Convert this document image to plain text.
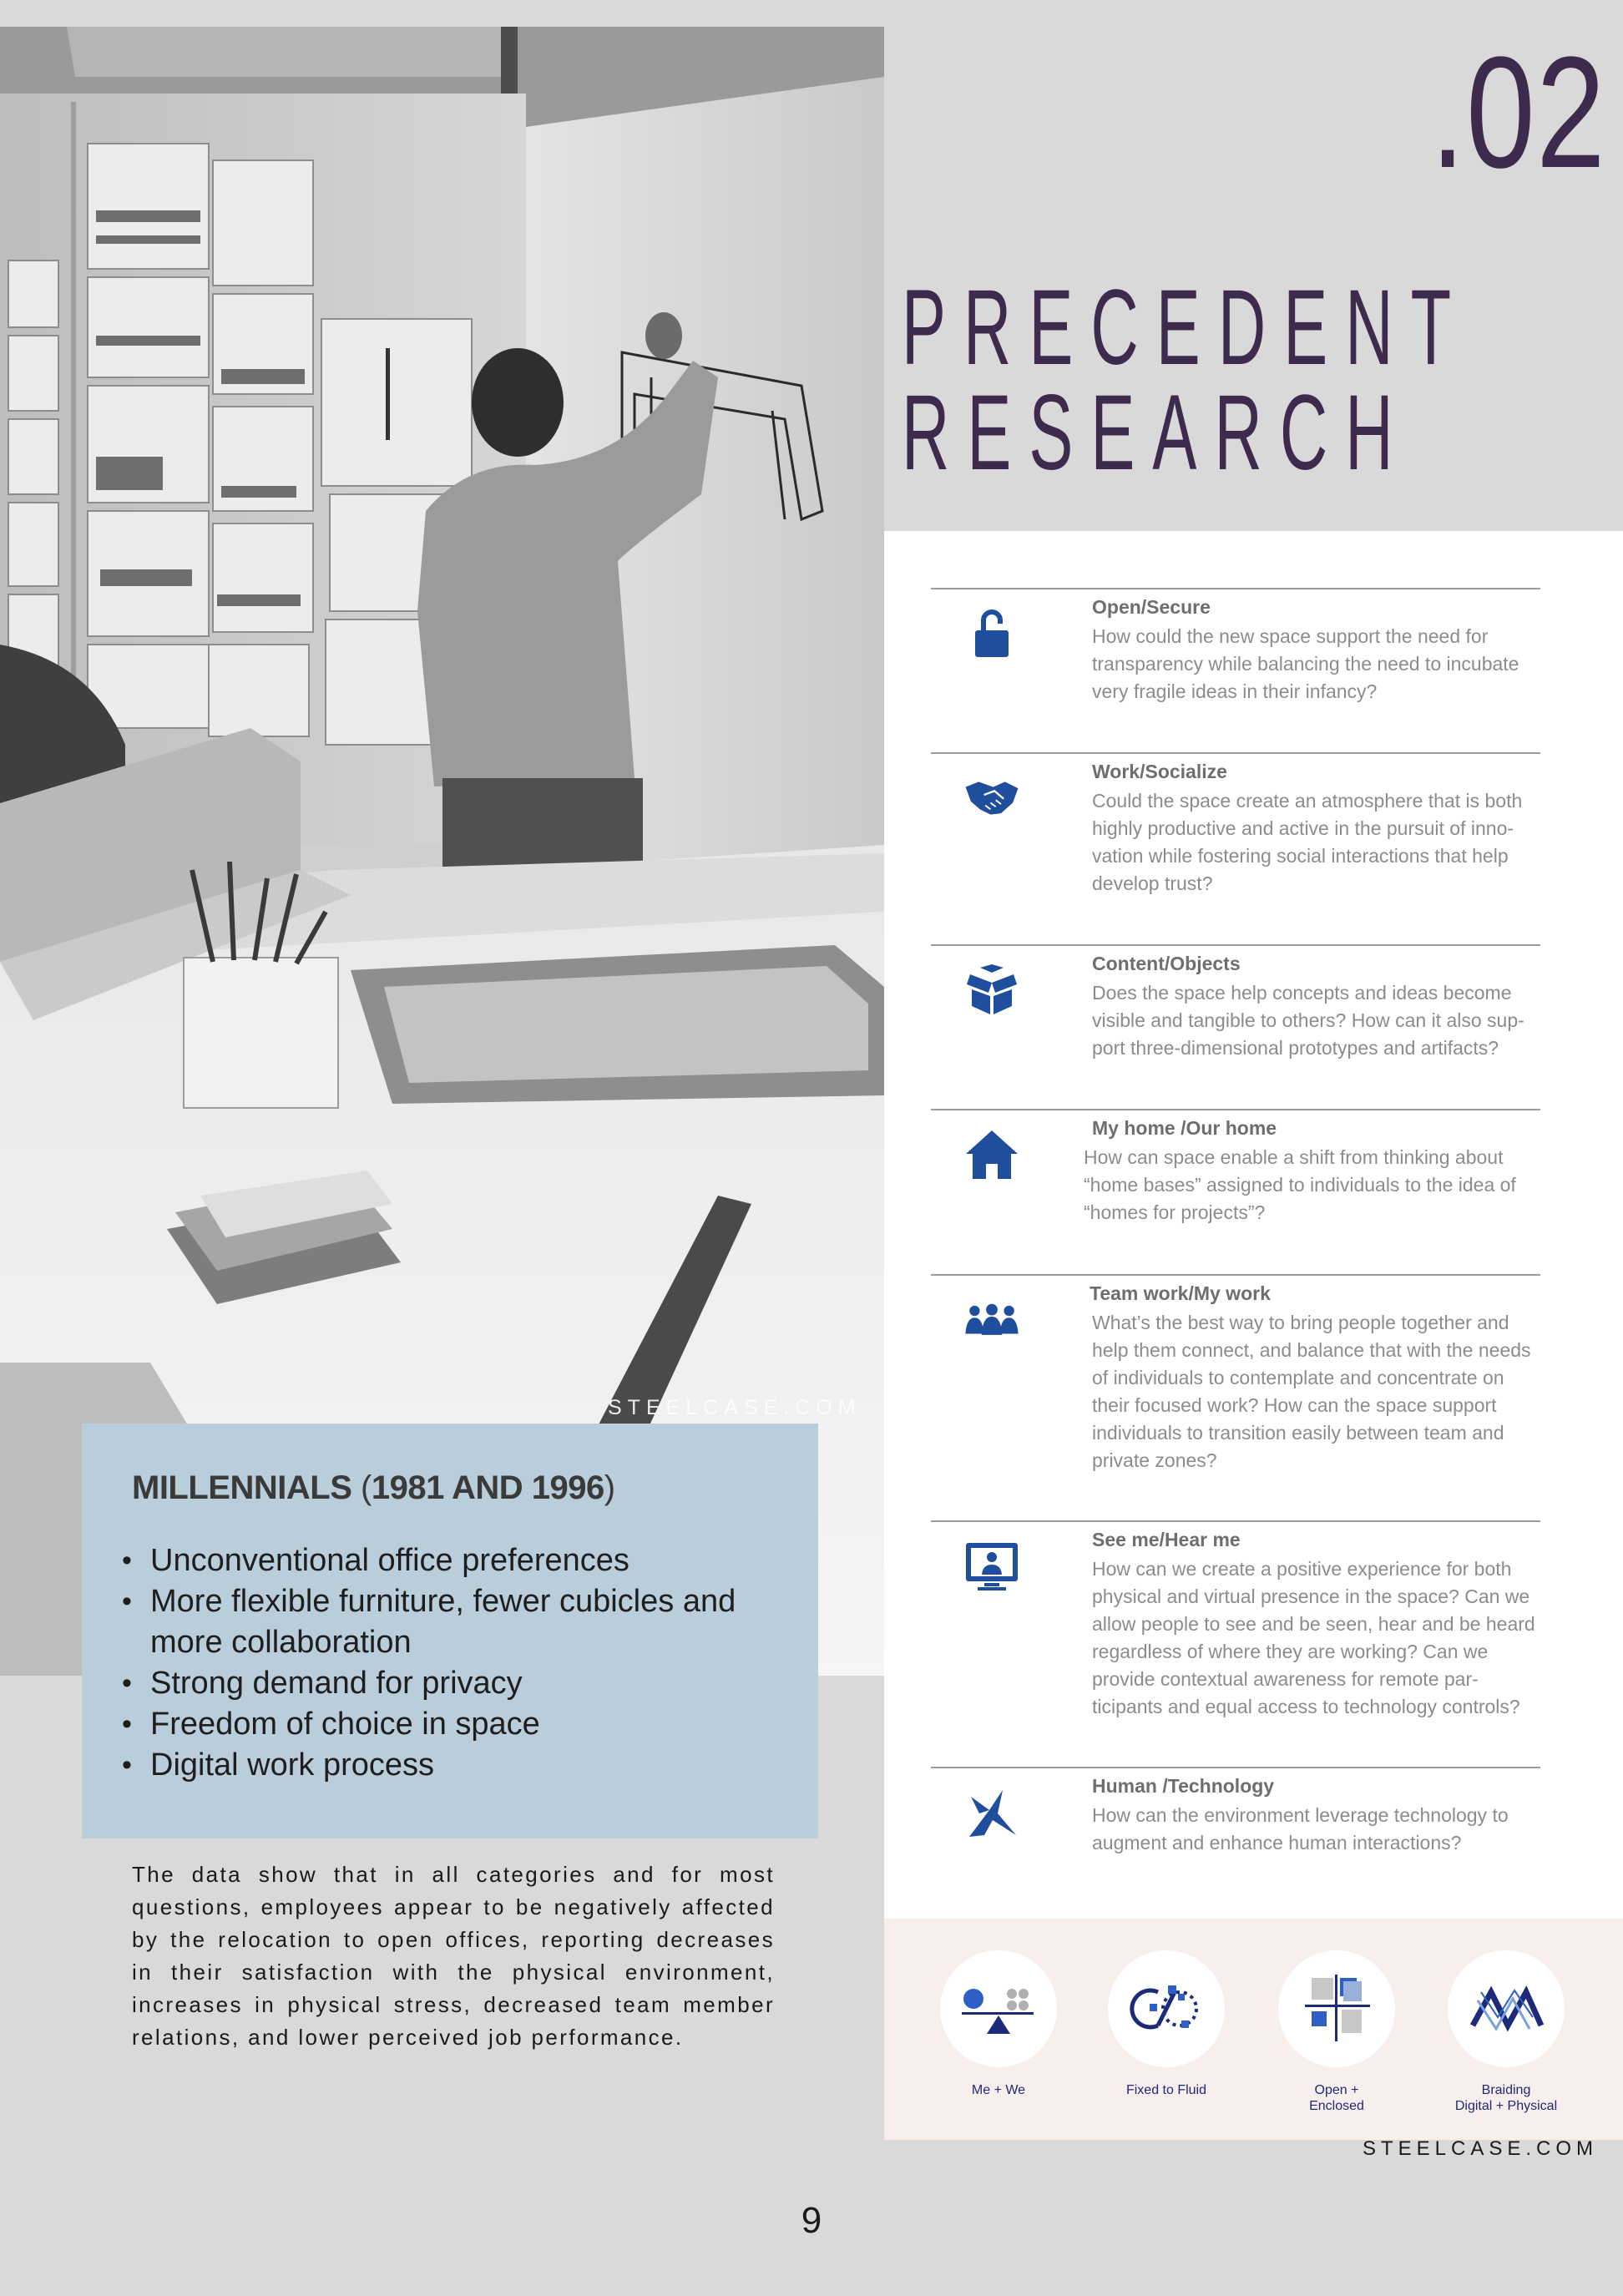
STEELCASE.COM
.02
PRECEDENT
RESEARCH
Open/Secure
How could the new space support the need for transparency while balancing the need to incubate very fragile ideas in their infancy?
Work/Socialize
Could the space create an atmosphere that is both highly productive and active in the pursuit of inno-vation while fostering social interactions that help develop trust?
Content/Objects
Does the space help concepts and ideas become visible and tangible to others? How can it also sup-port three-dimensional prototypes and artifacts?
My home /Our home
How can space enable a shift from thinking about “home bases” assigned to individuals to the idea of “homes for projects”?
Team work/My work
What’s the best way to bring people together and help them connect, and balance that with the needs of individuals to contemplate and concentrate on their focused work? How can the space support individuals to transition easily between team and private zones?
See me/Hear me
How can we create a positive experience for both physical and virtual presence in the space? Can we allow people to see and be seen, hear and be heard regardless of where they are working? Can we provide contextual awareness for remote par-ticipants and equal access to technology controls?
Human /Technology
How can the environment leverage technology to augment and enhance human interactions?
Me + We	Fixed to Fluid	Open +
Enclosed
Braiding
Digital + Physical
STEELCASE.COM
MILLENNIALS (1981 AND 1996)
• Unconventional office preferences
• More flexible furniture, fewer cubicles and more collaboration
• Strong demand for privacy
• Freedom of choice in space
• Digital work process
The data show that in all categories and for most questions, employees appear to be negatively affected by the relocation to open offices, reporting decreases in their satisfaction with the physical environment, increases in physical stress, decreased team member relations, and lower perceived job performance.
9
